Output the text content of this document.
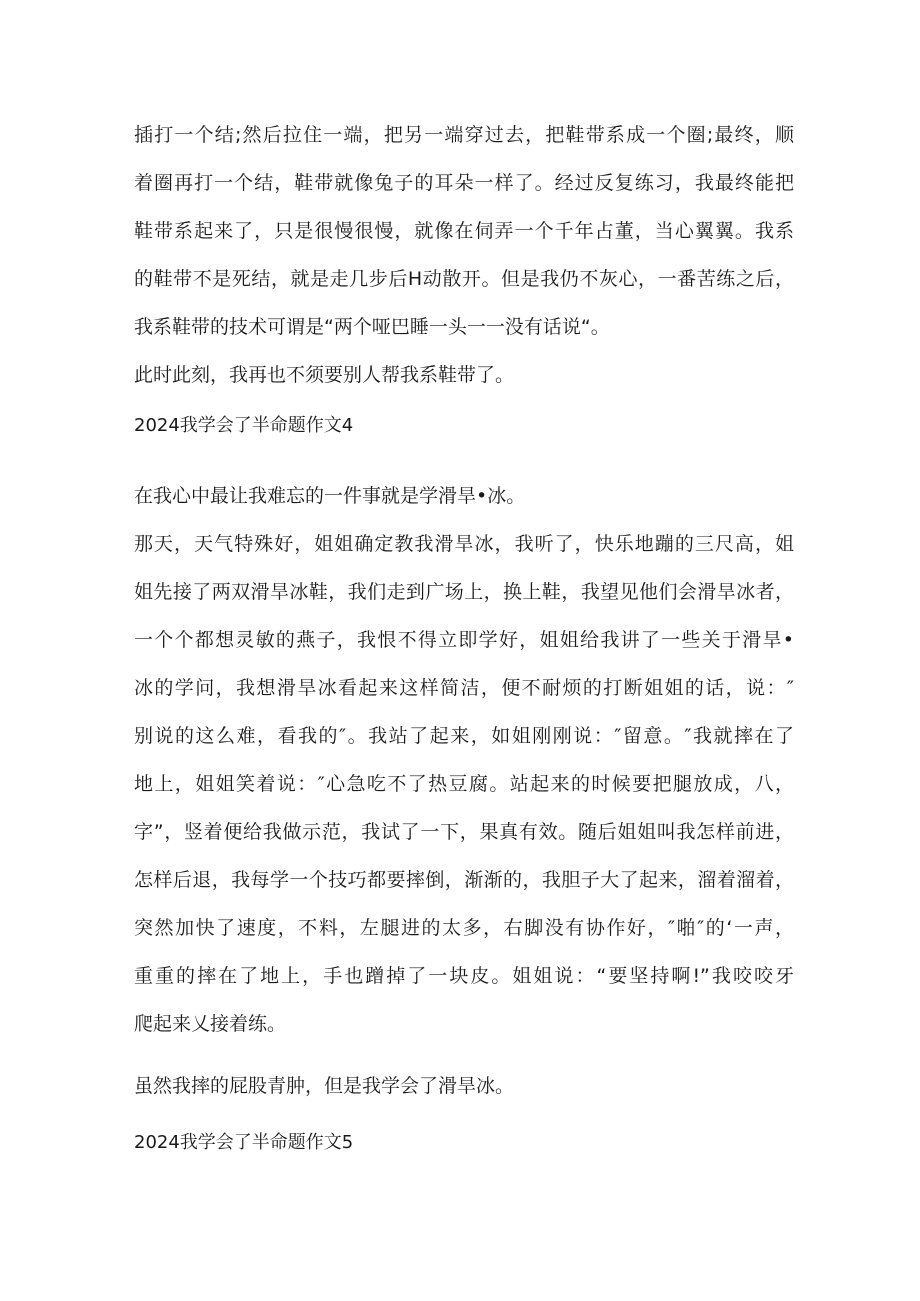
插打一个结;然后拉住一端，把另一端穿过去，把鞋带系成一个圈;最终，顺

着圈再打一个结，鞋带就像兔子的耳朵一样了。经过反复练习，我最终能把

鞋带系起来了，只是很慢很慢，就像在伺弄一个千年占董，当心翼翼。我系

的鞋带不是死结，就是走几步后H动散开。但是我仍不灰心，一番苦练之后，

我系鞋带的技术可谓是“两个哑巴睡一头一一没有话说“。

此时此刻，我再也不须要别人帮我系鞋带了。

2024我学会了半命题作文4

在我心中最让我难忘的一件事就是学滑旱•冰。

那天，天气特殊好，姐姐确定教我滑旱冰，我听了，快乐地蹦的三尺高，姐

姐先接了两双滑旱冰鞋，我们走到广场上，换上鞋，我望见他们会滑旱冰者，

一个个都想灵敏的燕子，我恨不得立即学好，姐姐给我讲了一些关于滑旱•

冰的学问，我想滑旱冰看起来这样简洁，便不耐烦的打断姐姐的话，说：″

别说的这么难，看我的″。我站了起来，如姐刚刚说：″留意。″我就摔在了

地上，姐姐笑着说：″心急吃不了热豆腐。站起来的时候要把腿放成，八，

字”，竖着便给我做示范，我试了一下，果真有效。随后姐姐叫我怎样前进，

怎样后退，我每学一个技巧都要摔倒，渐渐的，我胆子大了起来，溜着溜着，

突然加快了速度，不料，左腿进的太多，右脚没有协作好，″啪″的‘一声，

重重的摔在了地上，手也蹭掉了一块皮。姐姐说：“要坚持啊!”我咬咬牙

爬起来乂接着练。

虽然我摔的屁股青肿，但是我学会了滑旱冰。

2024我学会了半命题作文5
